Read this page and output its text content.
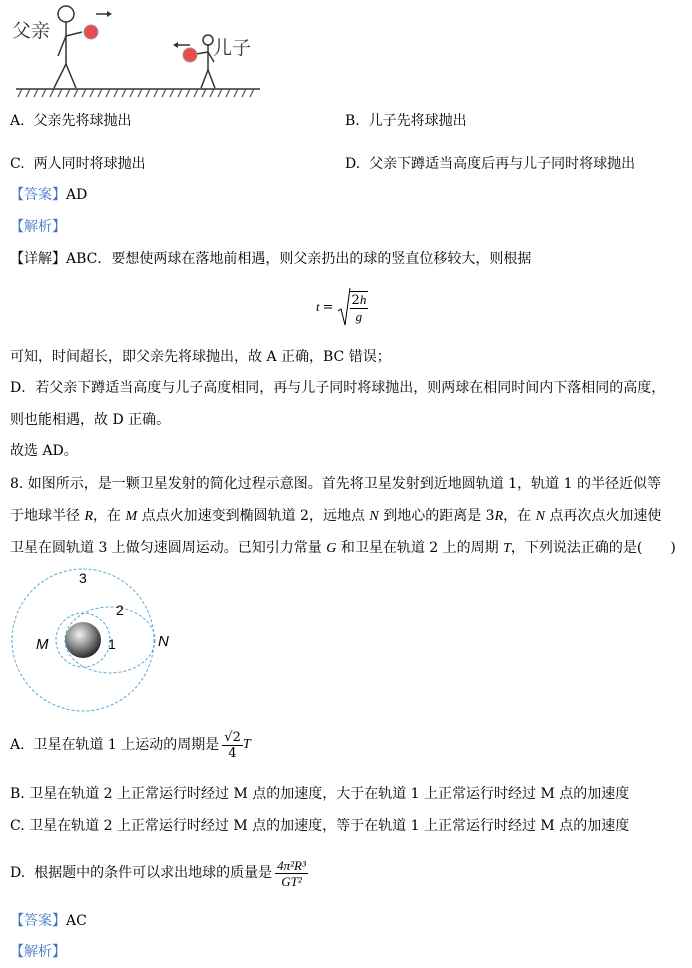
父亲
儿子
A. 父亲先将球抛出	B. 儿子先将球抛出
C. 两人同时将球抛出	D. 父亲下蹲适当高度后再与儿子同时将球抛出
【答案】AD
【解析】
【详解】ABC．要想使两球在落地前相遇，则父亲扔出的球的竖直位移较大，则根据
$t = \frac{2h}{g}$
可知，时间超长，即父亲先将球抛出，故 A 正确，BC 错误；
D．若父亲下蹲适当高度与儿子高度相同，再与儿子同时将球抛出，则两球在相同时间内下落相同的高度，
则也能相遇，故 D 正确。
故选 AD。
8. 如图所示，是一颗卫星发射的简化过程示意图。首先将卫星发射到近地圆轨道 1，轨道 1 的半径近似等
于地球半径 R，在 M 点点火加速变到椭圆轨道 2，远地点 N 到地心的距离是 3R，在 N 点再次点火加速使
卫星在圆轨道 3 上做匀速圆周运动。已知引力常量 G 和卫星在轨道 2 上的周期 T，下列说法正确的是(　　)
3
2
1
M	N
A.
卫星在轨道 1 上运动的周期是 $\frac{√2}{4}$ T
B. 卫星在轨道 2 上正常运行时经过 M 点的加速度，大于在轨道 1 上正常运行时经过 M 点的加速度
C. 卫星在轨道 2 上正常运行时经过 M 点的加速度，等于在轨道 1 上正常运行时经过 M 点的加速度
D.
根据题中的条件可以求出地球的质量是 $\frac{\text{4π²R³}}{\text{GT²}}$
【答案】AC
【解析】
